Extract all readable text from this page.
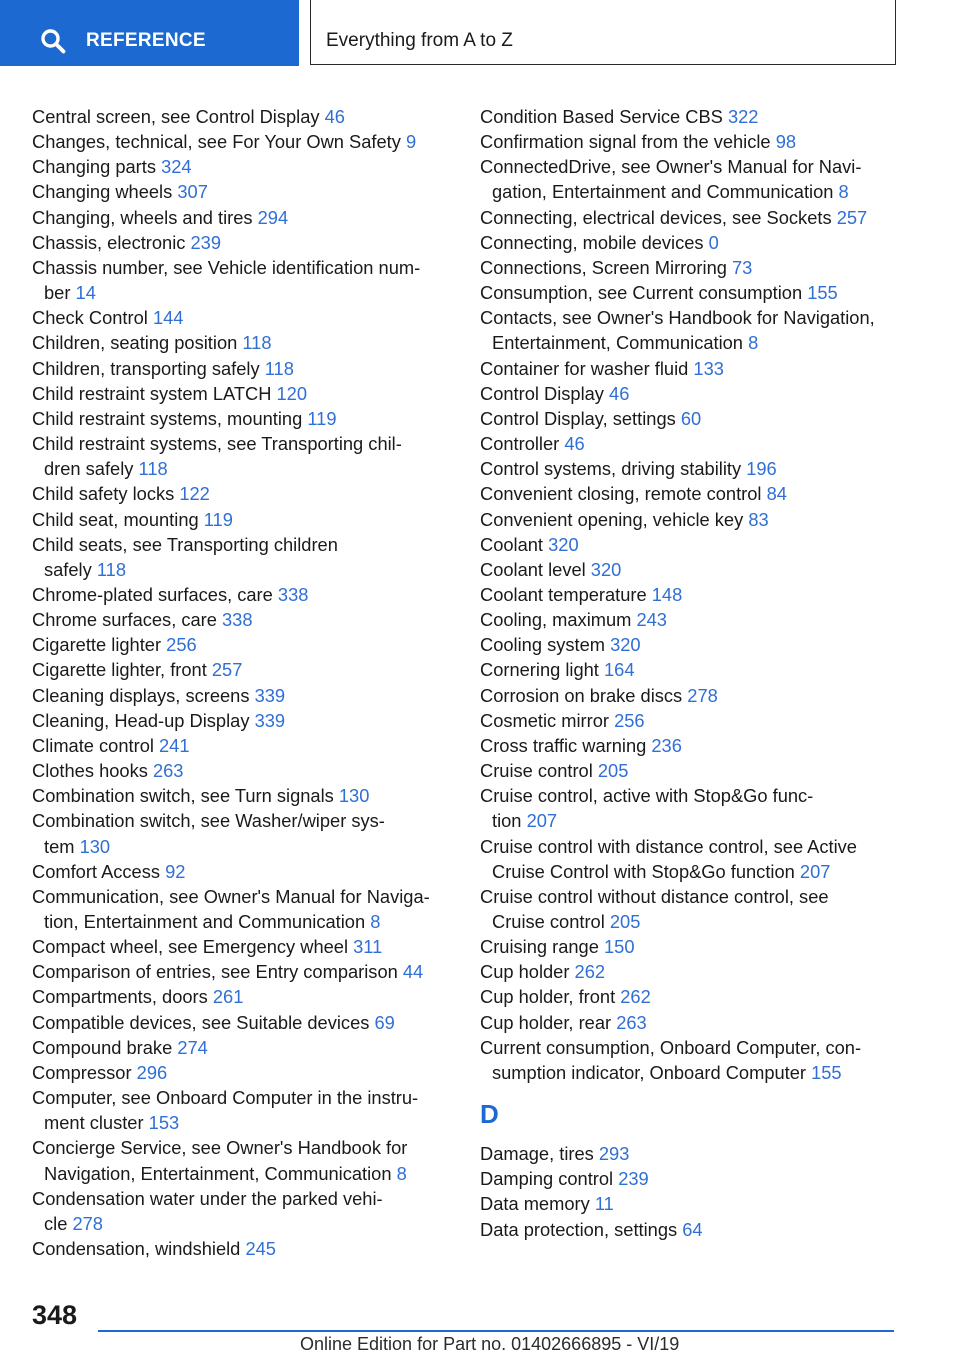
REFERENCE	Everything from A to Z
Central screen, see Control Display 46
Changes, technical, see For Your Own Safety 9
Changing parts 324
Changing wheels 307
Changing, wheels and tires 294
Chassis, electronic 239
Chassis number, see Vehicle identification num-
ber 14
Check Control 144
Children, seating position 118
Children, transporting safely 118
Child restraint system LATCH 120
Child restraint systems, mounting 119
Child restraint systems, see Transporting chil-
dren safely 118
Child safety locks 122
Child seat, mounting 119
Child seats, see Transporting children
safely 118
Chrome-plated surfaces, care 338
Chrome surfaces, care 338
Cigarette lighter 256
Cigarette lighter, front 257
Cleaning displays, screens 339
Cleaning, Head-up Display 339
Climate control 241
Clothes hooks 263
Combination switch, see Turn signals 130
Combination switch, see Washer/wiper sys-
tem 130
Comfort Access 92
Communication, see Owner's Manual for Naviga-
tion, Entertainment and Communication 8
Compact wheel, see Emergency wheel 311
Comparison of entries, see Entry comparison 44
Compartments, doors 261
Compatible devices, see Suitable devices 69
Compound brake 274
Compressor 296
Computer, see Onboard Computer in the instru-
ment cluster 153
Concierge Service, see Owner's Handbook for
Navigation, Entertainment, Communication 8
Condensation water under the parked vehi-
cle 278
Condensation, windshield 245
Condition Based Service CBS 322
Confirmation signal from the vehicle 98
ConnectedDrive, see Owner's Manual for Navi-
gation, Entertainment and Communication 8
Connecting, electrical devices, see Sockets 257
Connecting, mobile devices 0
Connections, Screen Mirroring 73
Consumption, see Current consumption 155
Contacts, see Owner's Handbook for Navigation,
Entertainment, Communication 8
Container for washer fluid 133
Control Display 46
Control Display, settings 60
Controller 46
Control systems, driving stability 196
Convenient closing, remote control 84
Convenient opening, vehicle key 83
Coolant 320
Coolant level 320
Coolant temperature 148
Cooling, maximum 243
Cooling system 320
Cornering light 164
Corrosion on brake discs 278
Cosmetic mirror 256
Cross traffic warning 236
Cruise control 205
Cruise control, active with Stop&Go func-
tion 207
Cruise control with distance control, see Active
Cruise Control with Stop&Go function 207
Cruise control without distance control, see
Cruise control 205
Cruising range 150
Cup holder 262
Cup holder, front 262
Cup holder, rear 263
Current consumption, Onboard Computer, con-
sumption indicator, Onboard Computer 155
D
Damage, tires 293
Damping control 239
Data memory 11
Data protection, settings 64
348
Online Edition for Part no. 01402666895 - VI/19
